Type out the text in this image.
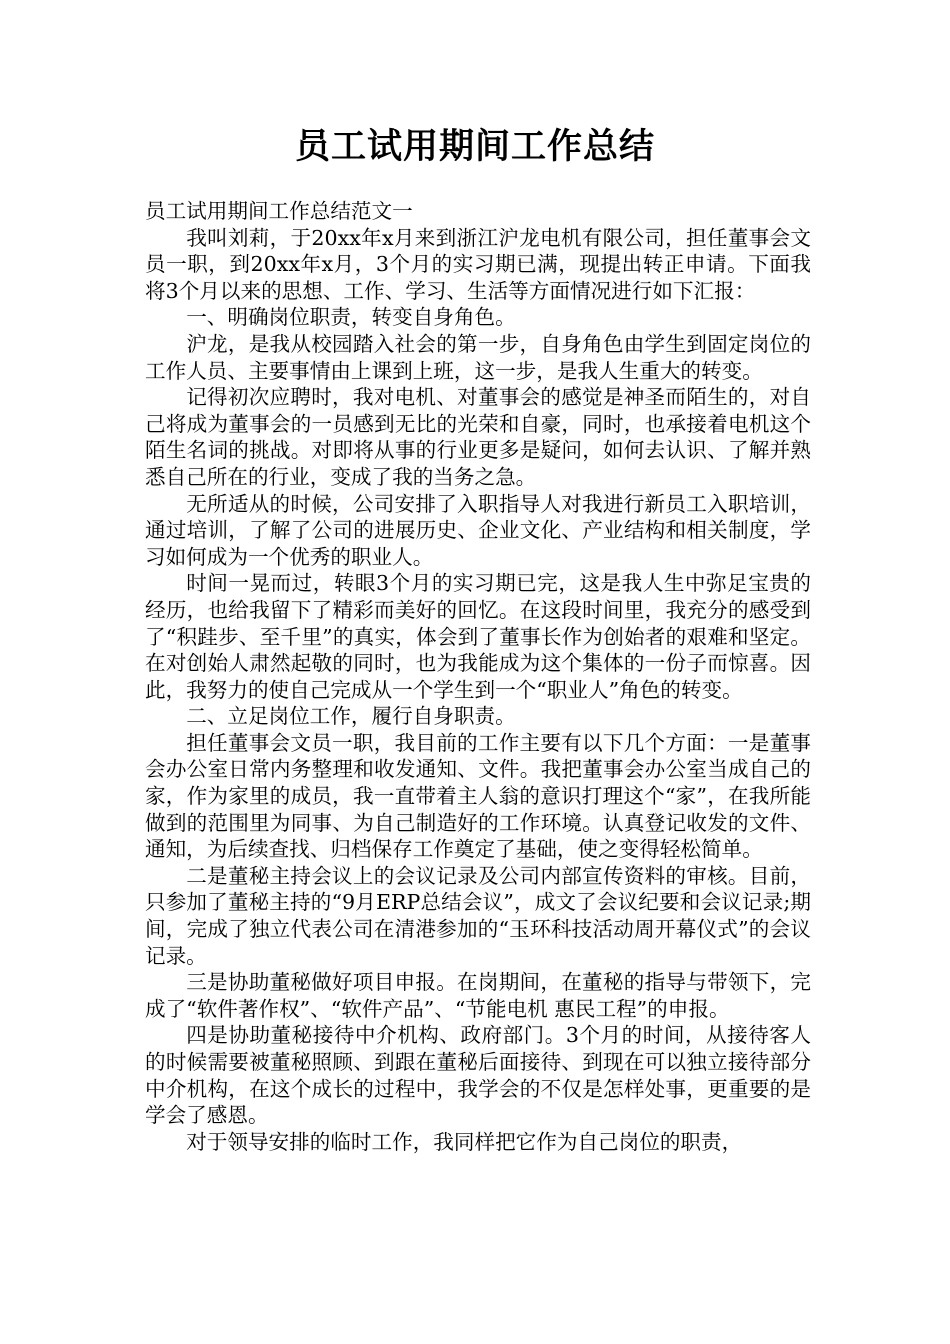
员工试用期间工作总结

员工试用期间工作总结范文一

我叫刘莉，于20xx年x月来到浙江沪龙电机有限公司，担任董事会文员一职，到20xx年x月，3个月的实习期已满，现提出转正申请。下面我将3个月以来的思想、工作、学习、生活等方面情况进行如下汇报：

一、明确岗位职责，转变自身角色。

沪龙，是我从校园踏入社会的第一步，自身角色由学生到固定岗位的工作人员、主要事情由上课到上班，这一步，是我人生重大的转变。

记得初次应聘时，我对电机、对董事会的感觉是神圣而陌生的，对自己将成为董事会的一员感到无比的光荣和自豪，同时，也承接着电机这个陌生名词的挑战。对即将从事的行业更多是疑问，如何去认识、了解并熟悉自己所在的行业，变成了我的当务之急。

无所适从的时候，公司安排了入职指导人对我进行新员工入职培训，通过培训，了解了公司的进展历史、企业文化、产业结构和相关制度，学习如何成为一个优秀的职业人。

时间一晃而过，转眼3个月的实习期已完，这是我人生中弥足宝贵的经历，也给我留下了精彩而美好的回忆。在这段时间里，我充分的感受到了“积跬步、至千里”的真实，体会到了董事长作为创始者的艰难和坚定。在对创始人肃然起敬的同时，也为我能成为这个集体的一份子而惊喜。因此，我努力的使自己完成从一个学生到一个“职业人”角色的转变。

二、立足岗位工作，履行自身职责。

担任董事会文员一职，我目前的工作主要有以下几个方面：一是董事会办公室日常内务整理和收发通知、文件。我把董事会办公室当成自己的家，作为家里的成员，我一直带着主人翁的意识打理这个“家”，在我所能做到的范围里为同事、为自己制造好的工作环境。认真登记收发的文件、通知，为后续查找、归档保存工作奠定了基础，使之变得轻松简单。

二是董秘主持会议上的会议记录及公司内部宣传资料的审核。目前，只参加了董秘主持的“9月ERP总结会议”，成文了会议纪要和会议记录;期间，完成了独立代表公司在清港参加的“玉环科技活动周开幕仪式”的会议记录。

三是协助董秘做好项目申报。在岗期间，在董秘的指导与带领下，完成了“软件著作权”、“软件产品”、“节能电机 惠民工程”的申报。

四是协助董秘接待中介机构、政府部门。3个月的时间，从接待客人的时候需要被董秘照顾、到跟在董秘后面接待、到现在可以独立接待部分中介机构，在这个成长的过程中，我学会的不仅是怎样处事，更重要的是学会了感恩。

对于领导安排的临时工作，我同样把它作为自己岗位的职责，
